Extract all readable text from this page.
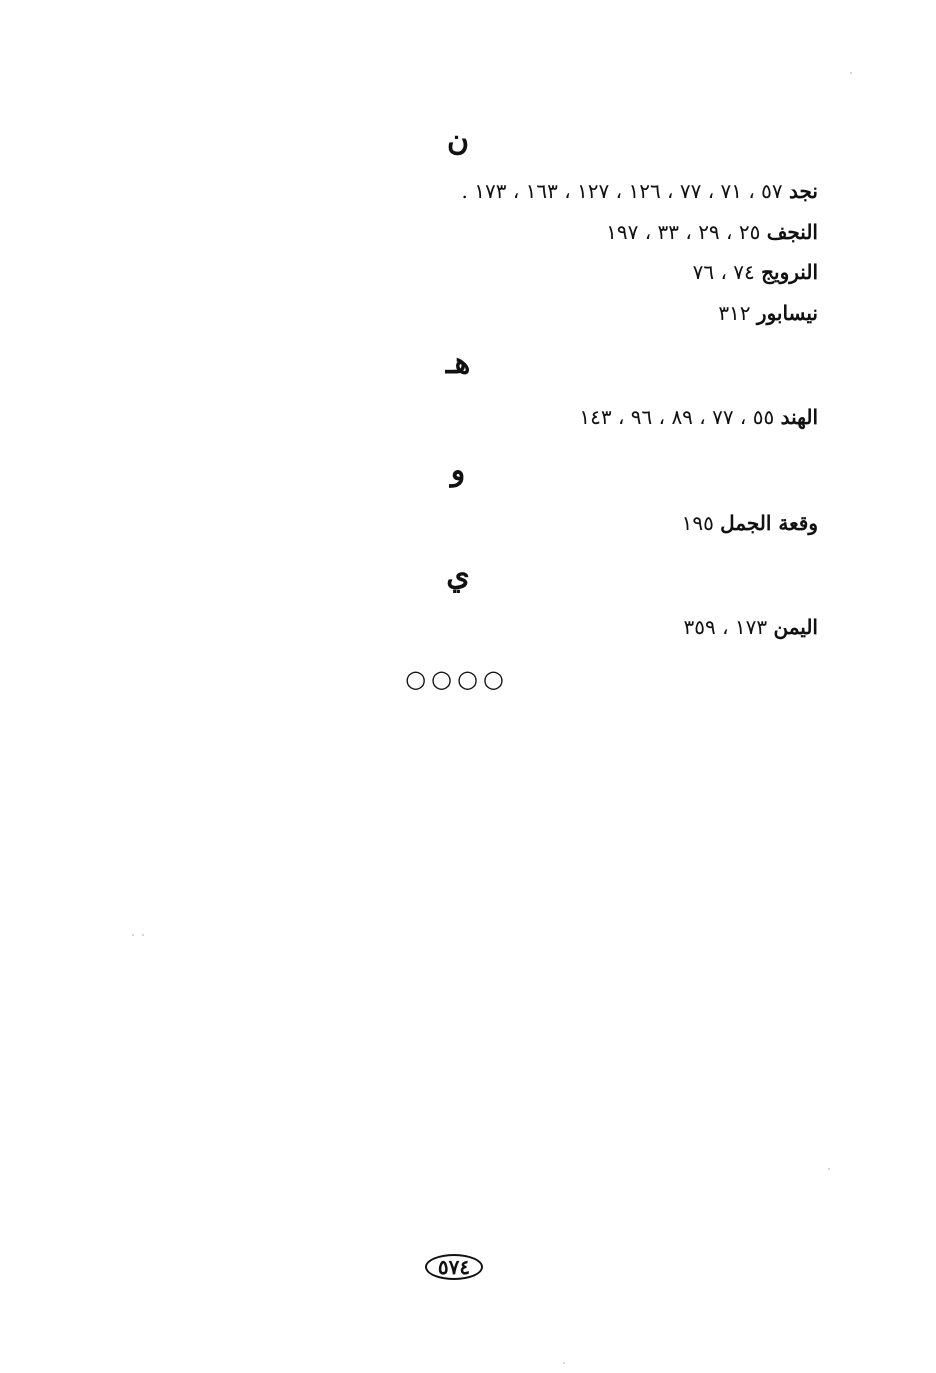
ن
نجد ٥٧ ، ٧١ ، ٧٧ ، ١٢٦ ، ١٢٧ ، ١٦٣ ، ١٧٣ .
النجف ٢٥ ، ٢٩ ، ٣٣ ، ١٩٧
النرويج ٧٤ ، ٧٦
نيسابور ٣١٢
هـ
الهند ٥٥ ، ٧٧ ، ٨٩ ، ٩٦ ، ١٤٣
و
وقعة الجمل ١٩٥
ي
اليمن ١٧٣ ، ٣٥٩
○○○○
٥٧٤
